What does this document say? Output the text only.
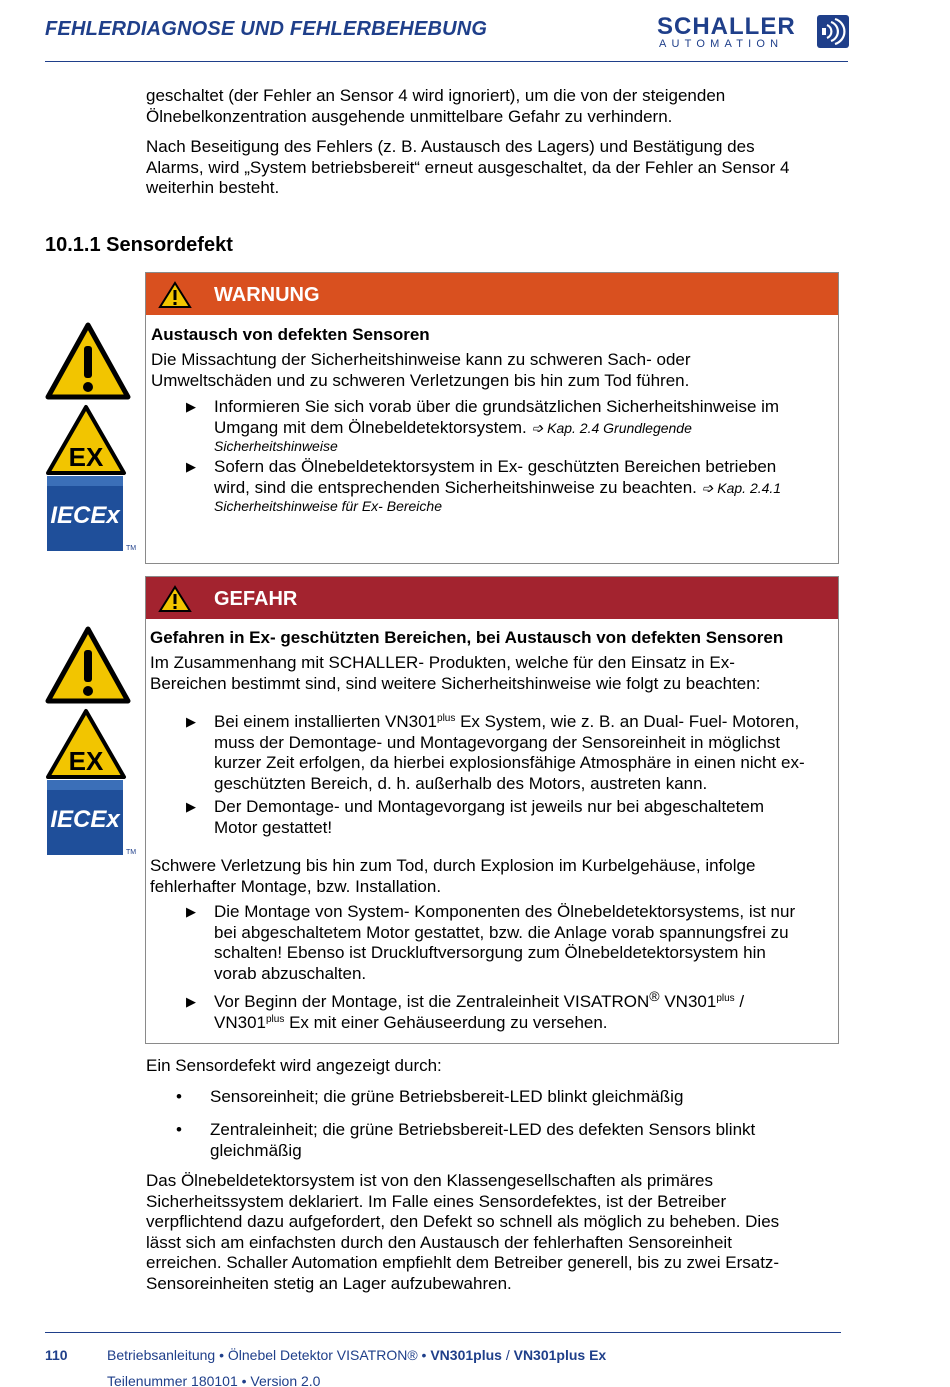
FEHLERDIAGNOSE UND FEHLERBEHEBUNG	SCHALLER
AUTOMATION
geschaltet (der Fehler an Sensor 4 wird ignoriert), um die von der steigenden
Ölnebelkonzentration ausgehende unmittelbare Gefahr zu verhindern.
Nach Beseitigung des Fehlers (z. B. Austausch des Lagers) und Bestätigung des
Alarms, wird „System betriebsbereit“ erneut ausgeschaltet, da der Fehler an Sensor 4
weiterhin besteht.
10.1.1 Sensordefekt
EX
IECEx
TM
WARNUNG
Austausch von defekten Sensoren
Die Missachtung der Sicherheitshinweise kann zu schweren Sach- oder
Umweltschäden und zu schweren Verletzungen bis hin zum Tod führen.
▶ Informieren Sie sich vorab über die grundsätzlichen Sicherheitshinweise im
Umgang mit dem Ölnebeldetektorsystem. ➩ Kap. 2.4 Grundlegende
Sicherheitshinweise
▶ Sofern das Ölnebeldetektorsystem in Ex- geschützten Bereichen betrieben
wird, sind die entsprechenden Sicherheitshinweise zu beachten. ➩ Kap. 2.4.1
Sicherheitshinweise für Ex- Bereiche
EX
IECEx
TM
GEFAHR
Gefahren in Ex- geschützten Bereichen, bei Austausch von defekten Sensoren
Im Zusammenhang mit SCHALLER- Produkten, welche für den Einsatz in Ex-
Bereichen bestimmt sind, sind weitere Sicherheitshinweise wie folgt zu beachten:
▶ Bei einem installierten $VN301^{plus}$ Ex System, wie z. B. an Dual- Fuel- Motoren,
muss der Demontage- und Montagevorgang der Sensoreinheit in möglichst
kurzer Zeit erfolgen, da hierbei explosionsfähige Atmosphäre in einen nicht ex-
geschützten Bereich, d. h. außerhalb des Motors, austreten kann.
▶ Der Demontage- und Montagevorgang ist jeweils nur bei abgeschaltetem
Motor gestattet!
Schwere Verletzung bis hin zum Tod, durch Explosion im Kurbelgehäuse, infolge
fehlerhafter Montage, bzw. Installation.
▶ Die Montage von System- Komponenten des Ölnebeldetektorsystems, ist nur
bei abgeschaltetem Motor gestattet, bzw. die Anlage vorab spannungsfrei zu
schalten! Ebenso ist Druckluftversorgung zum Ölnebeldetektorsystem hin
vorab abzuschalten.
▶ Vor Beginn der Montage, ist die Zentraleinheit VISATRON® $VN301^{plus}$ /
$VN301^{plus}$ Ex mit einer Gehäuseerdung zu versehen.
Ein Sensordefekt wird angezeigt durch:
• Sensoreinheit; die grüne Betriebsbereit-LED blinkt gleichmäßig
• Zentraleinheit; die grüne Betriebsbereit-LED des defekten Sensors blinkt
gleichmäßig
Das Ölnebeldetektorsystem ist von den Klassengesellschaften als primäres
Sicherheitssystem deklariert. Im Falle eines Sensordefektes, ist der Betreiber
verpflichtend dazu aufgefordert, den Defekt so schnell als möglich zu beheben. Dies
lässt sich am einfachsten durch den Austausch der fehlerhaften Sensoreinheit
erreichen. Schaller Automation empfiehlt dem Betreiber generell, bis zu zwei Ersatz-
Sensoreinheiten stetig an Lager aufzubewahren.
110	Betriebsanleitung • Ölnebel Detektor VISATRON® • VN301plus / VN301plus Ex
Teilenummer 180101 • Version 2.0
